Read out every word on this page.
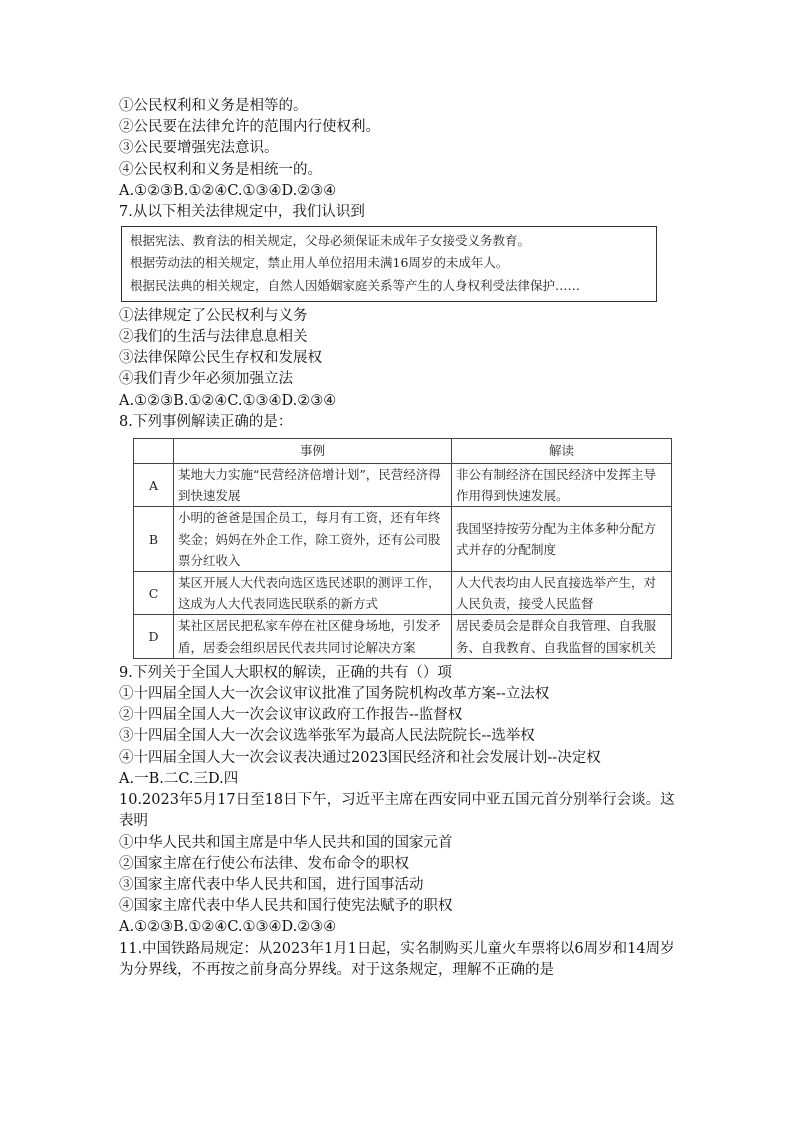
①公民权利和义务是相等的。
②公民要在法律允许的范围内行使权利。
③公民要增强宪法意识。
④公民权利和义务是相统一的。
A.①②③B.①②④C.①③④D.②③④
7.从以下相关法律规定中，我们认识到
根据宪法、教育法的相关规定，父母必须保证未成年子女接受义务教育。
根据劳动法的相关规定，禁止用人单位招用未满16周岁的未成年人。
根据民法典的相关规定，自然人因婚姻家庭关系等产生的人身权利受法律保护……
①法律规定了公民权利与义务
②我们的生活与法律息息相关
③法律保障公民生存权和发展权
④我们青少年必须加强立法
A.①②③B.①②④C.①③④D.②③④
8.下列事例解读正确的是：
	事例	解读
A	某地大力实施“民营经济倍增计划”，民营经济得到快速发展	非公有制经济在国民经济中发挥主导作用得到快速发展。
B	小明的爸爸是国企员工，每月有工资，还有年终奖金；妈妈在外企工作，除工资外，还有公司股票分红收入	我国坚持按劳分配为主体多种分配方式并存的分配制度
C	某区开展人大代表向选区选民述职的测评工作，这成为人大代表同选民联系的新方式	人大代表均由人民直接选举产生，对人民负责，接受人民监督
D	某社区居民把私家车停在社区健身场地，引发矛盾，居委会组织居民代表共同讨论解决方案	居民委员会是群众自我管理、自我服务、自我教育、自我监督的国家机关
9.下列关于全国人大职权的解读，正确的共有（）项
①十四届全国人大一次会议审议批准了国务院机构改革方案--立法权
②十四届全国人大一次会议审议政府工作报告--监督权
③十四届全国人大一次会议选举张军为最高人民法院院长--选举权
④十四届全国人大一次会议表决通过2023国民经济和社会发展计划--决定权
A.一B.二C.三D.四
10.2023年5月17日至18日下午，习近平主席在西安同中亚五国元首分别举行会谈。这表明
①中华人民共和国主席是中华人民共和国的国家元首
②国家主席在行使公布法律、发布命令的职权
③国家主席代表中华人民共和国，进行国事活动
④国家主席代表中华人民共和国行使宪法赋予的职权
A.①②③B.①②④C.①③④D.②③④
11.中国铁路局规定：从2023年1月1日起，实名制购买儿童火车票将以6周岁和14周岁为分界线，不再按之前身高分界线。对于这条规定，理解不正确的是
